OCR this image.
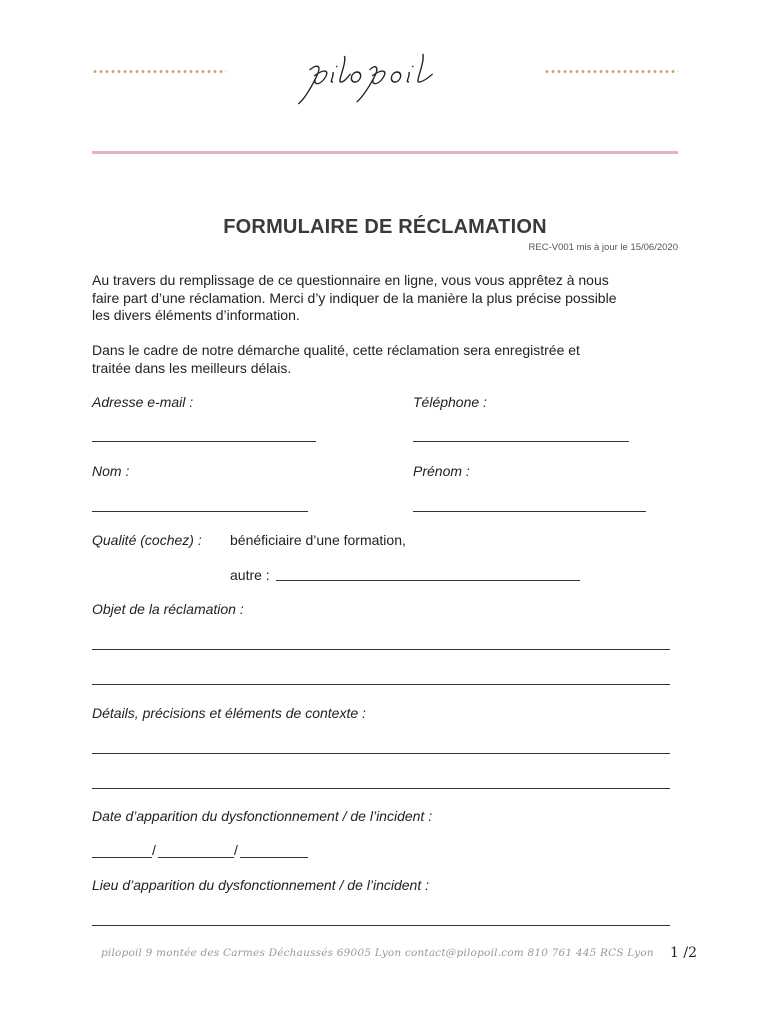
FORMULAIRE DE RÉCLAMATION
REC-V001 mis à jour le 15/06/2020
Au travers du remplissage de ce questionnaire en ligne, vous vous apprêtez à nous
faire part d’une réclamation. Merci d’y indiquer de la manière la plus précise possible
les divers éléments d’information.
Dans le cadre de notre démarche qualité, cette réclamation sera enregistrée et
traitée dans les meilleurs délais.
Adresse e-mail :	Téléphone :
Nom :	Prénom :
Qualité (cochez) : bénéficiaire d’une formation,
autre :
Objet de la réclamation :
Détails, précisions et éléments de contexte :
Date d’apparition du dysfonctionnement / de l’incident :
/	/
Lieu d’apparition du dysfonctionnement / de l’incident :
pilopoil 9 montée des Carmes Déchaussés 69005 Lyon contact@pilopoil.com 810 761 445 RCS Lyon 1 /2
